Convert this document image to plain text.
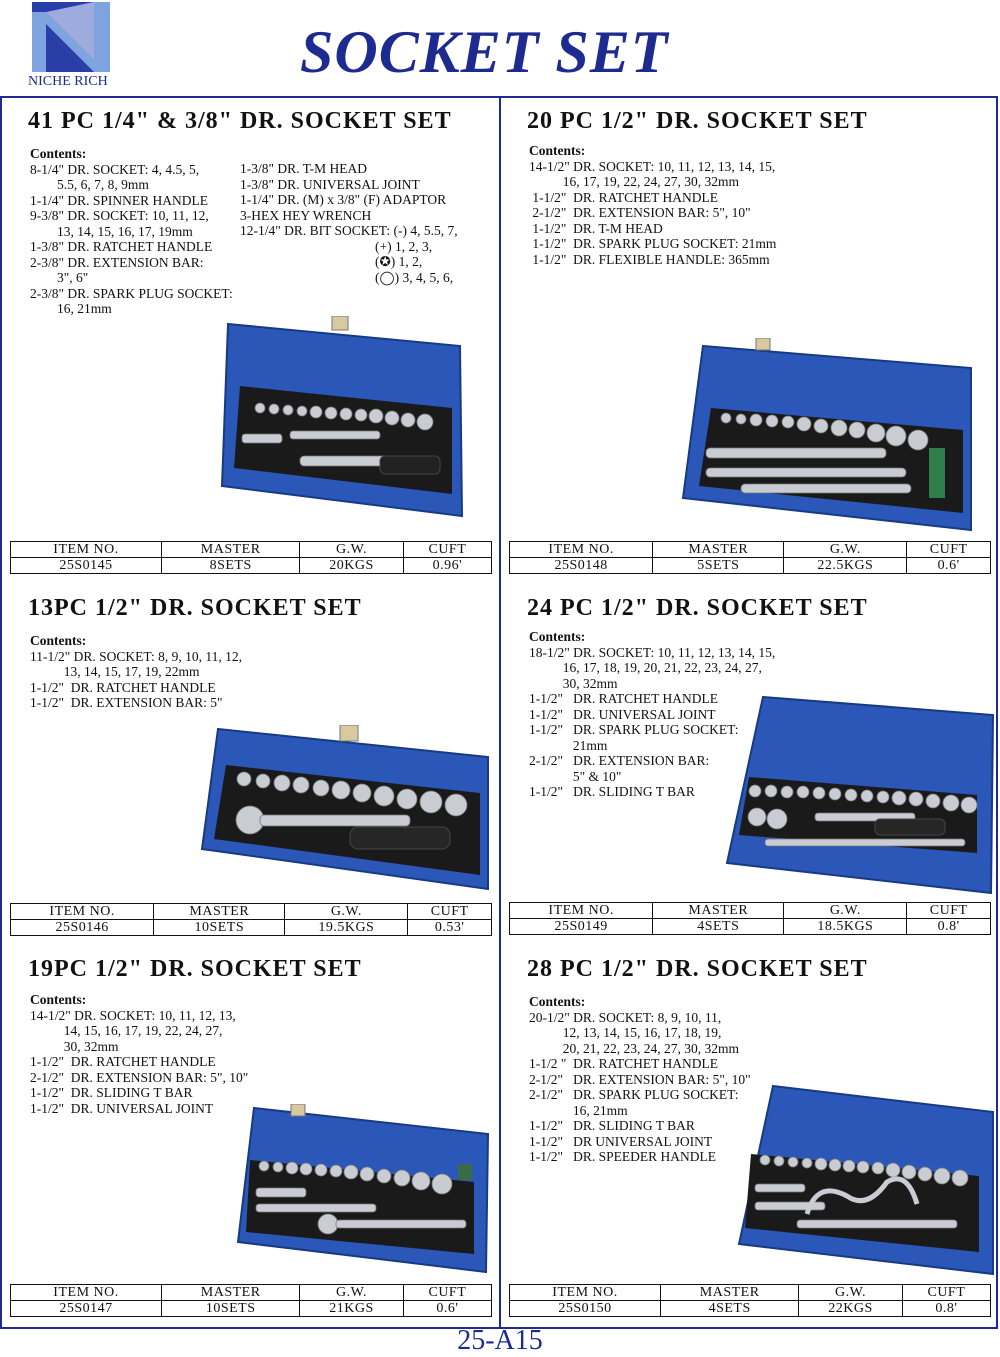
NICHE RICH	SOCKET SET
41 PC 1/4" & 3/8" DR. SOCKET SET
Contents:
8-1/4" DR. SOCKET: 4, 4.5, 5,
5.5, 6, 7, 8, 9mm
1-1/4" DR. SPINNER HANDLE
9-3/8" DR. SOCKET: 10, 11, 12,
13, 14, 15, 16, 17, 19mm
1-3/8" DR. RATCHET HANDLE
2-3/8" DR. EXTENSION BAR:
3", 6"
2-3/8" DR. SPARK PLUG SOCKET:
16, 21mm
1-3/8" DR. T-M HEAD
1-3/8" DR. UNIVERSAL JOINT
1-1/4" DR. (M) x 3/8" (F) ADAPTOR
3-HEX HEY WRENCH
12-1/4" DR. BIT SOCKET: (-) 4, 5.5, 7,
(+) 1, 2, 3,
(✪) 1, 2,
(◯) 3, 4, 5, 6,
ITEM NO.	MASTER	G.W.	CUFT
25S0145	8SETS	20KGS	0.96'
20 PC 1/2" DR. SOCKET SET
Contents:
14-1/2" DR. SOCKET: 10, 11, 12, 13, 14, 15,
16, 17, 19, 22, 24, 27, 30, 32mm
1-1/2"  DR. RATCHET HANDLE
2-1/2"  DR. EXTENSION BAR: 5", 10"
1-1/2"  DR. T-M HEAD
1-1/2"  DR. SPARK PLUG SOCKET: 21mm
1-1/2"  DR. FLEXIBLE HANDLE: 365mm
ITEM NO.	MASTER	G.W.	CUFT
25S0148	5SETS	22.5KGS	0.6'
13PC 1/2" DR. SOCKET SET
Contents:
11-1/2" DR. SOCKET: 8, 9, 10, 11, 12,
13, 14, 15, 17, 19, 22mm
1-1/2"  DR. RATCHET HANDLE
1-1/2"  DR. EXTENSION BAR: 5"
ITEM NO.	MASTER	G.W.	CUFT
25S0146	10SETS	19.5KGS	0.53'
24 PC 1/2" DR. SOCKET SET
Contents:
18-1/2" DR. SOCKET: 10, 11, 12, 13, 14, 15,
16, 17, 18, 19, 20, 21, 22, 23, 24, 27,
30, 32mm
1-1/2"   DR. RATCHET HANDLE
1-1/2"   DR. UNIVERSAL JOINT
1-1/2"   DR. SPARK PLUG SOCKET:
21mm
2-1/2"   DR. EXTENSION BAR:
5" & 10"
1-1/2"   DR. SLIDING T BAR
ITEM NO.	MASTER	G.W.	CUFT
25S0149	4SETS	18.5KGS	0.8'
19PC 1/2" DR. SOCKET SET
Contents:
14-1/2" DR. SOCKET: 10, 11, 12, 13,
14, 15, 16, 17, 19, 22, 24, 27,
30, 32mm
1-1/2"  DR. RATCHET HANDLE
2-1/2"  DR. EXTENSION BAR: 5", 10"
1-1/2"  DR. SLIDING T BAR
1-1/2"  DR. UNIVERSAL JOINT
ITEM NO.	MASTER	G.W.	CUFT
25S0147	10SETS	21KGS	0.6'
28 PC 1/2" DR. SOCKET SET
Contents:
20-1/2" DR. SOCKET: 8, 9, 10, 11,
12, 13, 14, 15, 16, 17, 18, 19,
20, 21, 22, 23, 24, 27, 30, 32mm
1-1/2 "  DR. RATCHET HANDLE
2-1/2"   DR. EXTENSION BAR: 5", 10"
2-1/2"   DR. SPARK PLUG SOCKET:
16, 21mm
1-1/2"   DR. SLIDING T BAR
1-1/2"   DR UNIVERSAL JOINT
1-1/2"   DR. SPEEDER HANDLE
ITEM NO.	MASTER	G.W.	CUFT
25S0150	4SETS	22KGS	0.8'
25-A15
